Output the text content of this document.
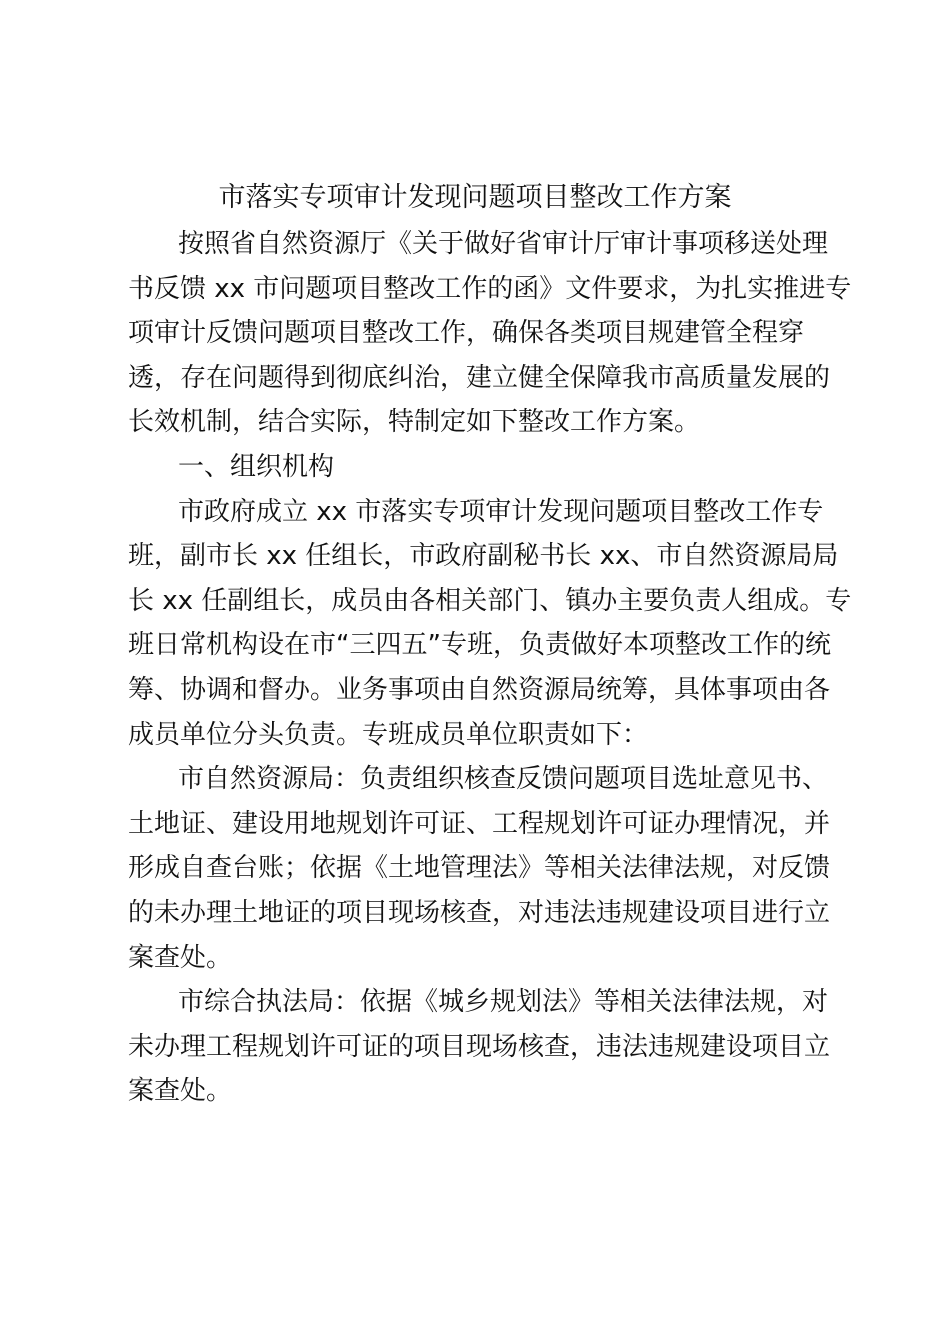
市落实专项审计发现问题项目整改工作方案

按照省自然资源厅《关于做好省审计厅审计事项移送处理
书反馈 xx 市问题项目整改工作的函》文件要求，为扎实推进专
项审计反馈问题项目整改工作，确保各类项目规建管全程穿
透，存在问题得到彻底纠治，建立健全保障我市高质量发展的
长效机制，结合实际，特制定如下整改工作方案。

一、组织机构

市政府成立 xx 市落实专项审计发现问题项目整改工作专
班，副市长 xx 任组长，市政府副秘书长 xx、市自然资源局局
长 xx 任副组长，成员由各相关部门、镇办主要负责人组成。专
班日常机构设在市“三四五”专班，负责做好本项整改工作的统
筹、协调和督办。业务事项由自然资源局统筹，具体事项由各
成员单位分头负责。专班成员单位职责如下：

市自然资源局：负责组织核查反馈问题项目选址意见书、
土地证、建设用地规划许可证、工程规划许可证办理情况，并
形成自查台账；依据《土地管理法》等相关法律法规，对反馈
的未办理土地证的项目现场核查，对违法违规建设项目进行立
案查处。

市综合执法局：依据《城乡规划法》等相关法律法规，对
未办理工程规划许可证的项目现场核查，违法违规建设项目立
案查处。
